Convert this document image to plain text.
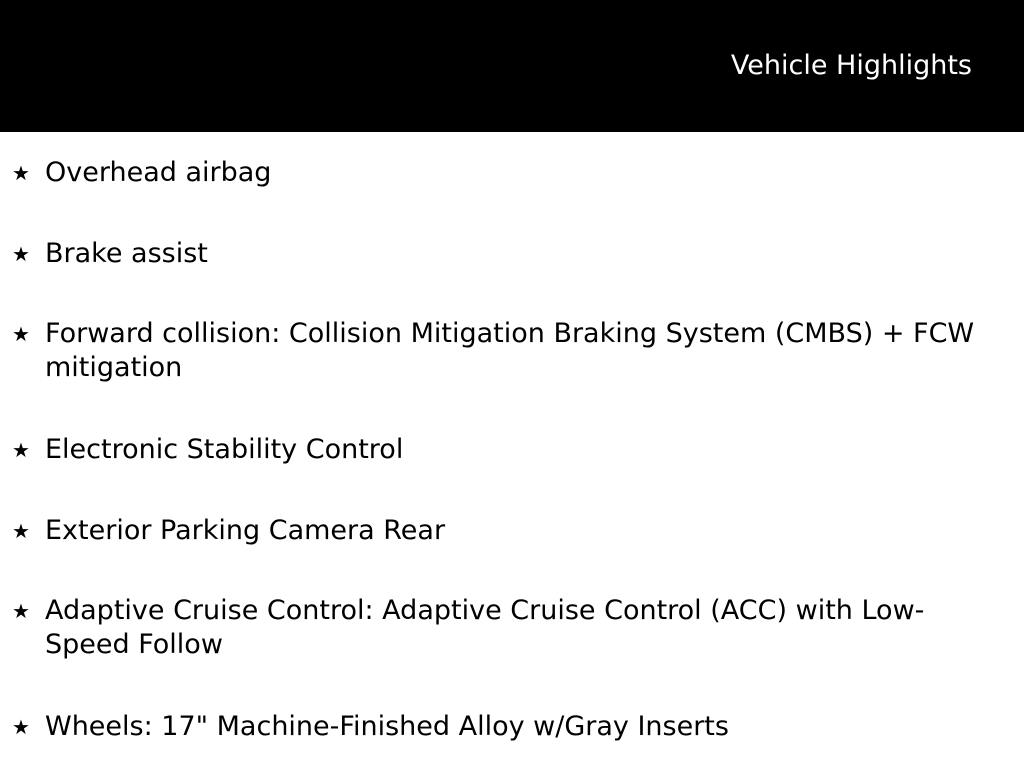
Vehicle Highlights
★ Overhead airbag
★ Brake assist
★ Forward collision: Collision Mitigation Braking System (CMBS) + FCW mitigation
★ Electronic Stability Control
★ Exterior Parking Camera Rear
★ Adaptive Cruise Control: Adaptive Cruise Control (ACC) with Low-Speed Follow
★ Wheels: 17" Machine-Finished Alloy w/Gray Inserts
